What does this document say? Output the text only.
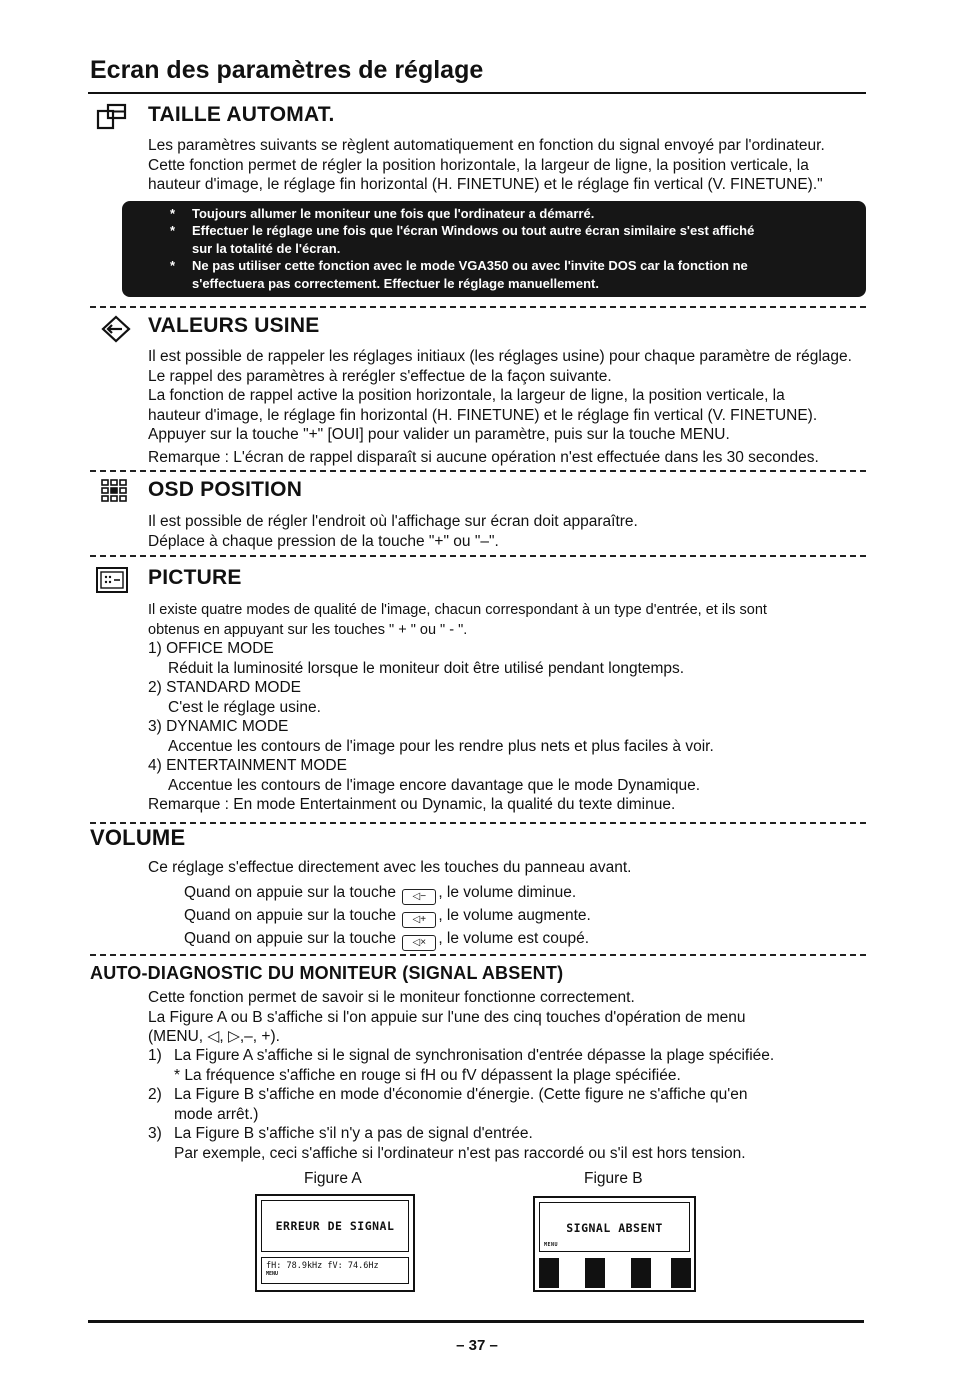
Ecran des paramètres de réglage
TAILLE AUTOMAT.

Les paramètres suivants se règlent automatiquement en fonction du signal envoyé par l'ordinateur.

Cette fonction permet de régler la position horizontale, la largeur de ligne, la position verticale, la

hauteur d'image, le réglage fin horizontal (H. FINETUNE) et le réglage fin vertical (V. FINETUNE)."

* Toujours allumer le moniteur une fois que l'ordinateur a démarré.
* Effectuer le réglage une fois que l'écran Windows ou tout autre écran similaire s'est affiché
sur la totalité de l'écran.
* Ne pas utiliser cette fonction avec le mode VGA350 ou avec l'invite DOS car la fonction ne
s'effectuera pas correctement. Effectuer le réglage manuellement.
VALEURS USINE

Il est possible de rappeler les réglages initiaux (les réglages usine) pour chaque paramètre de réglage.

Le rappel des paramètres à rerégler s'effectue de la façon suivante.

La fonction de rappel active la position horizontale, la largeur de ligne, la position verticale, la

hauteur d'image, le réglage fin horizontal (H. FINETUNE) et le réglage fin vertical (V. FINETUNE).

Appuyer sur la touche "+" [OUI] pour valider un paramètre, puis sur la touche MENU.

Remarque : L'écran de rappel disparaît si aucune opération n'est effectuée dans les 30 secondes.

OSD POSITION

Il est possible de régler l'endroit où l'affichage sur écran doit apparaître.

Déplace à chaque pression de la touche "+" ou "–".

PICTURE

Il existe quatre modes de qualité de l'image, chacun correspondant à un type d'entrée, et ils sont

obtenus en appuyant sur les touches " + " ou " - ".

1) OFFICE MODE

Réduit la luminosité lorsque le moniteur doit être utilisé pendant longtemps.

2) STANDARD MODE

C'est le réglage usine.

3) DYNAMIC MODE

Accentue les contours de l'image pour les rendre plus nets et plus faciles à voir.

4) ENTERTAINMENT MODE

Accentue les contours de l'image encore davantage que le mode Dynamique.

Remarque : En mode Entertainment ou Dynamic, la qualité du texte diminue.

VOLUME

Ce réglage s'effectue directement avec les touches du panneau avant.

Quand on appuie sur la touche ◁− , le volume diminue.

Quand on appuie sur la touche ◁+ , le volume augmente.

Quand on appuie sur la touche ◁× , le volume est coupé.

AUTO-DIAGNOSTIC DU MONITEUR (SIGNAL ABSENT)

Cette fonction permet de savoir si le moniteur fonctionne correctement.

La Figure A ou B s'affiche si l'on appuie sur l'une des cinq touches d'opération de menu

(MENU, ◁, ▷,–, +).

1) La Figure A s'affiche si le signal de synchronisation d'entrée dépasse la plage spécifiée.

* La fréquence s'affiche en rouge si fH ou fV dépassent la plage spécifiée.

2) La Figure B s'affiche en mode d'économie d'énergie. (Cette figure ne s'affiche qu'en

mode arrêt.)

3) La Figure B s'affiche s'il n'y a pas de signal d'entrée.

Par exemple, ceci s'affiche si l'ordinateur n'est pas raccordé ou s'il est hors tension.

Figure A	Figure B
ERREUR DE SIGNAL
fH: 78.9kHz fV: 74.6Hz
MENU
SIGNAL ABSENT
MENU
– 37 –
